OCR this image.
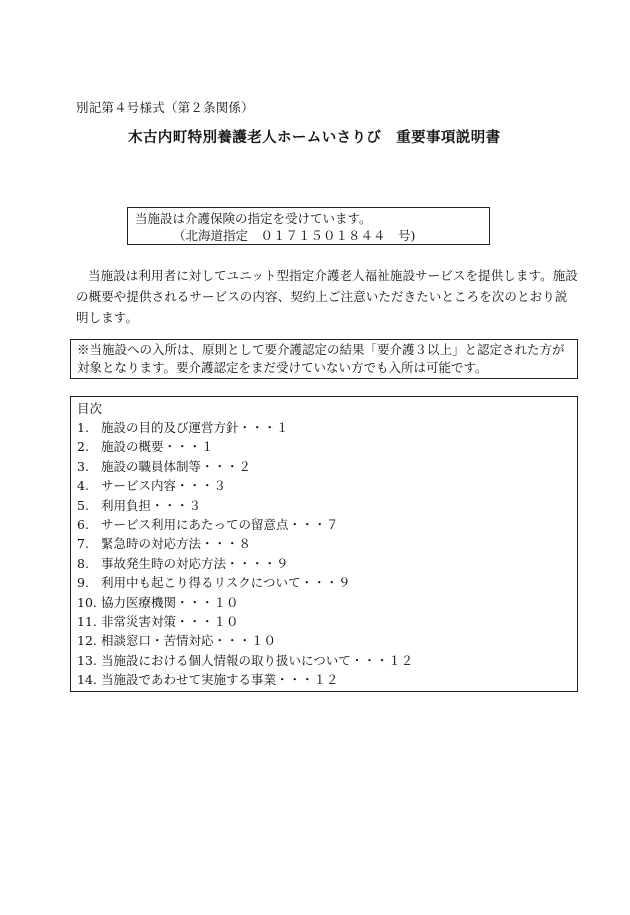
別記第４号様式（第２条関係）
木古内町特別養護老人ホームいさりび　重要事項説明書
当施設は介護保険の指定を受けています。
（北海道指定　０１７１５０１８４４　号)
当施設は利用者に対してユニット型指定介護老人福祉施設サービスを提供します。施設の概要や提供されるサービスの内容、契約上ご注意いただきたいところを次のとおり説明します。
※当施設への入所は、原則として要介護認定の結果「要介護３以上」と認定された方が対象となります。要介護認定をまだ受けていない方でも入所は可能です。
目次
1. 施設の目的及び運営方針・・・１
2. 施設の概要・・・１
3. 施設の職員体制等・・・２
4. サービス内容・・・３
5. 利用負担・・・３
6. サービス利用にあたっての留意点・・・７
7. 緊急時の対応方法・・・８
8. 事故発生時の対応方法・・・・９
9. 利用中も起こり得るリスクについて・・・９
10. 協力医療機関・・・１０
11. 非常災害対策・・・１０
12. 相談窓口・苦情対応・・・１０
13. 当施設における個人情報の取り扱いについて・・・１２
14. 当施設であわせて実施する事業・・・１２
